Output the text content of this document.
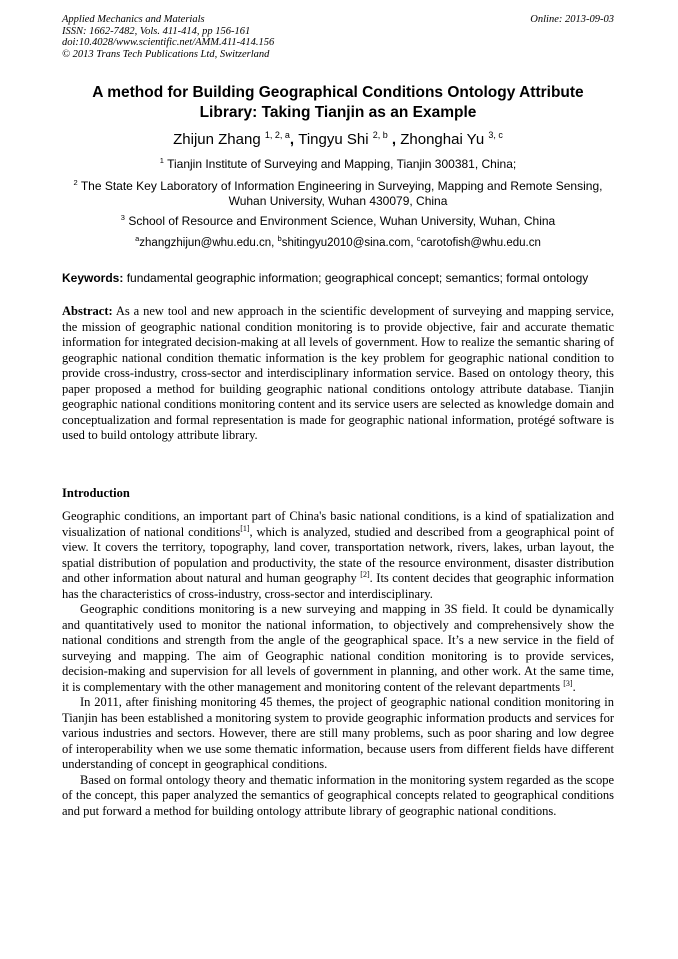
Applied Mechanics and Materials
ISSN: 1662-7482, Vols. 411-414, pp 156-161
doi:10.4028/www.scientific.net/AMM.411-414.156
© 2013 Trans Tech Publications Ltd, Switzerland
Online: 2013-09-03
A method for Building Geographical Conditions Ontology Attribute
Library: Taking Tianjin as an Example
Zhijun Zhang $^{1, 2, a}$, Tingyu Shi $^{2, b}$ , Zhonghai Yu $^{3, c}$
$^1$ Tianjin Institute of Surveying and Mapping, Tianjin 300381, China;
$^2$ The State Key Laboratory of Information Engineering in Surveying, Mapping and Remote Sensing,
Wuhan University, Wuhan 430079, China
$^3$ School of Resource and Environment Science, Wuhan University, Wuhan, China
$^a$zhangzhijun@whu.edu.cn, $^b$shitingyu2010@sina.com, $^c$carotofish@whu.edu.cn
Keywords: fundamental geographic information; geographical concept; semantics; formal ontology

Abstract: As a new tool and new approach in the scientific development of surveying and mapping service, the mission of geographic national condition monitoring is to provide objective, fair and accurate thematic information for integrated decision-making at all levels of government. How to realize the semantic sharing of geographic national condition thematic information is the key problem for geographic national condition to provide cross-industry, cross-sector and interdisciplinary information service. Based on ontology theory, this paper proposed a method for building geographic national conditions ontology attribute database. Tianjin geographic national conditions monitoring content and its service users are selected as knowledge domain and conceptualization and formal representation is made for geographic national information, protégé software is used to build ontology attribute library.

Introduction

Geographic conditions, an important part of China's basic national conditions, is a kind of spatialization and visualization of national conditions[1], which is analyzed, studied and described from a geographical point of view. It covers the territory, topography, land cover, transportation network, rivers, lakes, urban layout, the spatial distribution of population and productivity, the state of the resource environment, disaster distribution and other information about natural and human geography [2]. Its content decides that geographic information has the characteristics of cross-industry, cross-sector and interdisciplinary.

Geographic conditions monitoring is a new surveying and mapping in 3S field. It could be dynamically and quantitatively used to monitor the national information, to objectively and comprehensively show the national conditions and strength from the angle of the geographical space. It’s a new service in the field of surveying and mapping. The aim of Geographic national condition monitoring is to provide services, decision-making and supervision for all levels of government in planning, and other work. At the same time, it is complementary with the other management and monitoring content of the relevant departments [3].

In 2011, after finishing monitoring 45 themes, the project of geographic national condition monitoring in Tianjin has been established a monitoring system to provide geographic information products and services for various industries and sectors. However, there are still many problems, such as poor sharing and low degree of interoperability when we use some thematic information, because users from different fields have different understanding of concept in geographical conditions.

Based on formal ontology theory and thematic information in the monitoring system regarded as the scope of the concept, this paper analyzed the semantics of geographical concepts related to geographical conditions and put forward a method for building ontology attribute library of geographic national conditions.
